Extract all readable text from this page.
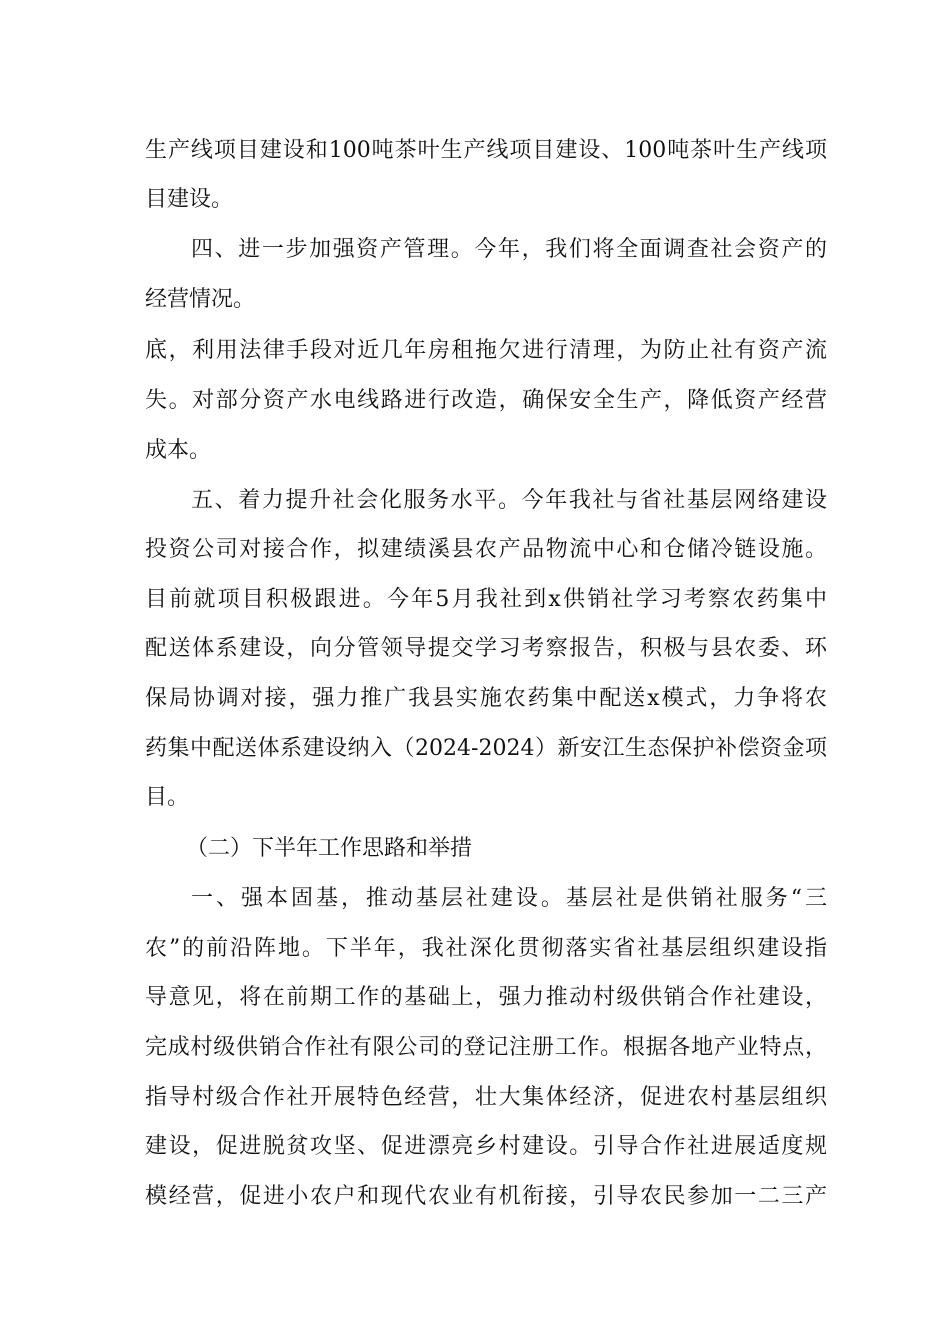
生产线项目建设和100吨茶叶生产线项目建设、100吨茶叶生产线项
目建设。
四、进一步加强资产管理。今年，我们将全面调查社会资产的
经营情况。
底，利用法律手段对近几年房租拖欠进行清理，为防止社有资产流
失。对部分资产水电线路进行改造，确保安全生产，降低资产经营
成本。
五、着力提升社会化服务水平。今年我社与省社基层网络建设
投资公司对接合作，拟建绩溪县农产品物流中心和仓储冷链设施。
目前就项目积极跟进。今年5月我社到x供销社学习考察农药集中
配送体系建设，向分管领导提交学习考察报告，积极与县农委、环
保局协调对接，强力推广我县实施农药集中配送x模式，力争将农
药集中配送体系建设纳入（2024-2024）新安江生态保护补偿资金项
目。
（二）下半年工作思路和举措
一、强本固基，推动基层社建设。基层社是供销社服务“三
农”的前沿阵地。下半年，我社深化贯彻落实省社基层组织建设指
导意见，将在前期工作的基础上，强力推动村级供销合作社建设，
完成村级供销合作社有限公司的登记注册工作。根据各地产业特点，
指导村级合作社开展特色经营，壮大集体经济，促进农村基层组织
建设，促进脱贫攻坚、促进漂亮乡村建设。引导合作社进展适度规
模经营，促进小农户和现代农业有机衔接，引导农民参加一二三产
